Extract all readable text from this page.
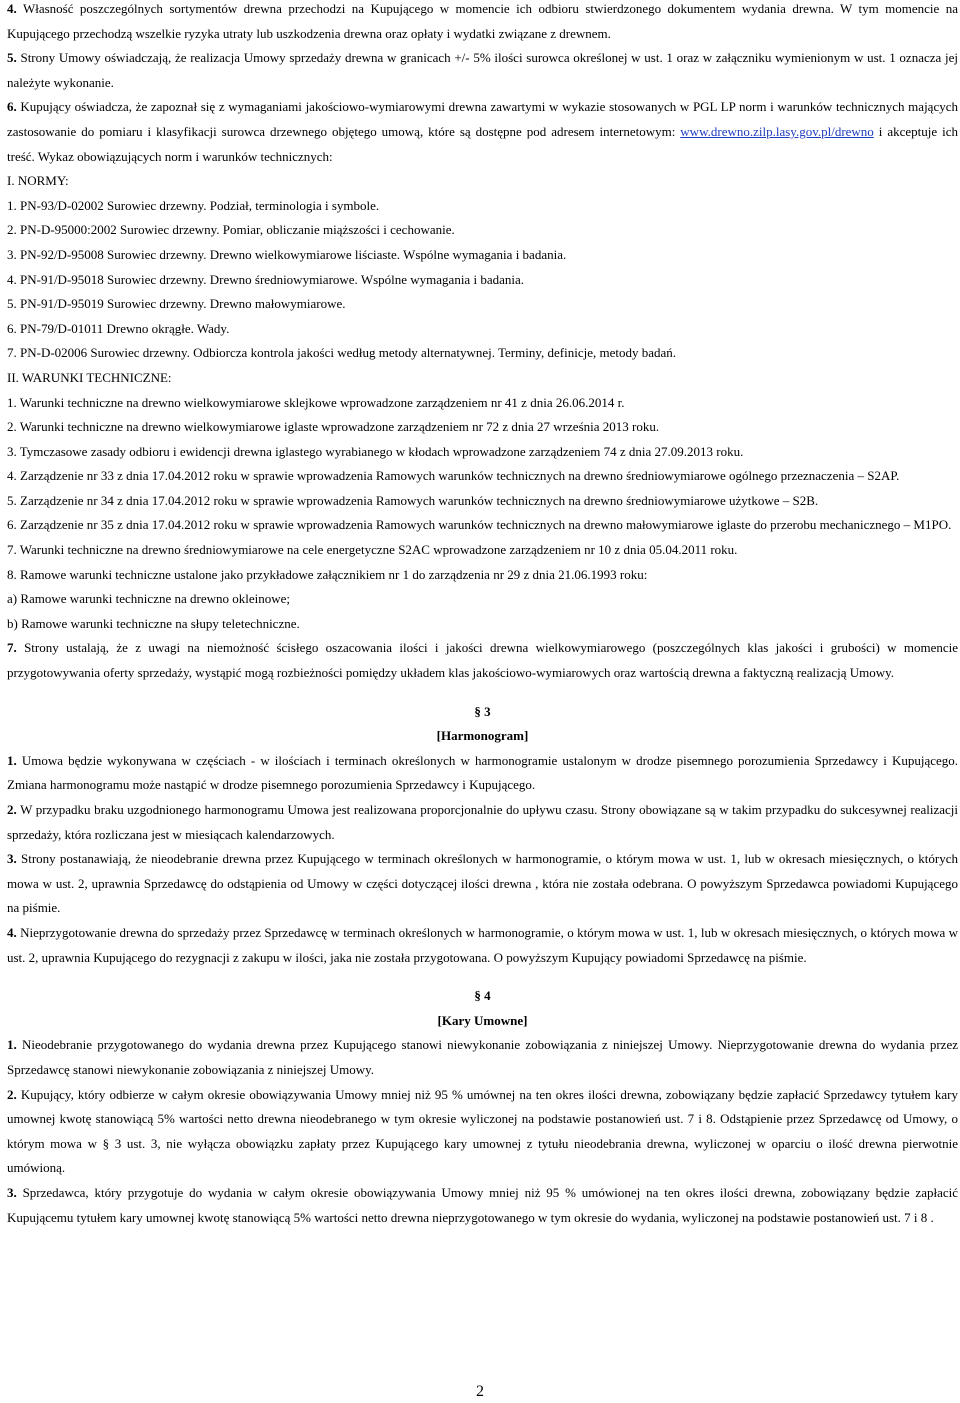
4. Własność poszczególnych sortymentów drewna przechodzi na Kupującego w momencie ich odbioru stwierdzonego dokumentem wydania drewna. W tym momencie na Kupującego przechodzą wszelkie ryzyka utraty lub uszkodzenia drewna oraz opłaty i wydatki związane z drewnem.

5. Strony Umowy oświadczają, że realizacja Umowy sprzedaży drewna w granicach +/- 5% ilości surowca określonej w ust. 1 oraz w załączniku wymienionym w ust. 1 oznacza jej należyte wykonanie.

6. Kupujący oświadcza, że zapoznał się z wymaganiami jakościowo-wymiarowymi drewna zawartymi w wykazie stosowanych w PGL LP norm i warunków technicznych mających zastosowanie do pomiaru i klasyfikacji surowca drzewnego objętego umową, które są dostępne pod adresem internetowym: www.drewno.zilp.lasy.gov.pl/drewno i akceptuje ich treść. Wykaz obowiązujących norm i warunków technicznych:

I. NORMY:

1. PN-93/D-02002 Surowiec drzewny. Podział, terminologia i symbole.

2. PN-D-95000:2002 Surowiec drzewny. Pomiar, obliczanie miąższości i cechowanie.

3. PN-92/D-95008 Surowiec drzewny. Drewno wielkowymiarowe liściaste. Wspólne wymagania i badania.

4. PN-91/D-95018 Surowiec drzewny. Drewno średniowymiarowe. Wspólne wymagania i badania.

5. PN-91/D-95019 Surowiec drzewny. Drewno małowymiarowe.

6. PN-79/D-01011 Drewno okrągłe. Wady.

7. PN-D-02006 Surowiec drzewny. Odbiorcza kontrola jakości według metody alternatywnej. Terminy, definicje, metody badań.

II. WARUNKI TECHNICZNE:

1. Warunki techniczne na drewno wielkowymiarowe sklejkowe wprowadzone zarządzeniem nr 41 z dnia 26.06.2014 r.

2. Warunki techniczne na drewno wielkowymiarowe iglaste wprowadzone zarządzeniem nr 72 z dnia 27 września 2013 roku.

3. Tymczasowe zasady odbioru i ewidencji drewna iglastego wyrabianego w kłodach wprowadzone zarządzeniem 74 z dnia 27.09.2013 roku.

4. Zarządzenie nr 33 z dnia 17.04.2012 roku w sprawie wprowadzenia Ramowych warunków technicznych na drewno średniowymiarowe ogólnego przeznaczenia – S2AP.

5. Zarządzenie nr 34 z dnia 17.04.2012 roku w sprawie wprowadzenia Ramowych warunków technicznych na drewno średniowymiarowe użytkowe – S2B.

6. Zarządzenie nr 35 z dnia 17.04.2012 roku w sprawie wprowadzenia Ramowych warunków technicznych na drewno małowymiarowe iglaste do przerobu mechanicznego – M1PO.

7. Warunki techniczne na drewno średniowymiarowe na cele energetyczne S2AC wprowadzone zarządzeniem nr 10 z dnia 05.04.2011 roku.

8. Ramowe warunki techniczne ustalone jako przykładowe załącznikiem nr 1 do zarządzenia nr 29 z dnia 21.06.1993 roku:

a) Ramowe warunki techniczne na drewno okleinowe;

b) Ramowe warunki techniczne na słupy teletechniczne.

7. Strony ustalają, że z uwagi na niemożność ścisłego oszacowania ilości i jakości drewna wielkowymiarowego (poszczególnych klas jakości i grubości) w momencie przygotowywania oferty sprzedaży, wystąpić mogą rozbieżności pomiędzy układem klas jakościowo-wymiarowych oraz wartością drewna a faktyczną realizacją Umowy.

§ 3

[Harmonogram]

1. Umowa będzie wykonywana w częściach - w ilościach i terminach określonych w harmonogramie ustalonym w drodze pisemnego porozumienia Sprzedawcy i Kupującego. Zmiana harmonogramu może nastąpić w drodze pisemnego porozumienia Sprzedawcy i Kupującego.

2. W przypadku braku uzgodnionego harmonogramu Umowa jest realizowana proporcjonalnie do upływu czasu. Strony obowiązane są w takim przypadku do sukcesywnej realizacji sprzedaży, która rozliczana jest w miesiącach kalendarzowych.

3. Strony postanawiają, że nieodebranie drewna przez Kupującego w terminach określonych w harmonogramie, o którym mowa w ust. 1, lub w okresach miesięcznych, o których mowa w ust. 2, uprawnia Sprzedawcę do odstąpienia od Umowy w części dotyczącej ilości drewna , która nie została odebrana. O powyższym Sprzedawca powiadomi Kupującego na piśmie.

4. Nieprzygotowanie drewna do sprzedaży przez Sprzedawcę w terminach określonych w harmonogramie, o którym mowa w ust. 1, lub w okresach miesięcznych, o których mowa w ust. 2, uprawnia Kupującego do rezygnacji z zakupu w ilości, jaka nie została przygotowana. O powyższym Kupujący powiadomi Sprzedawcę na piśmie.

§ 4

[Kary Umowne]

1. Nieodebranie przygotowanego do wydania drewna przez Kupującego stanowi niewykonanie zobowiązania z niniejszej Umowy. Nieprzygotowanie drewna do wydania przez Sprzedawcę stanowi niewykonanie zobowiązania z niniejszej Umowy.

2. Kupujący, który odbierze w całym okresie obowiązywania Umowy mniej niż 95 % umównej na ten okres ilości drewna, zobowiązany będzie zapłacić Sprzedawcy tytułem kary umownej kwotę stanowiącą 5% wartości netto drewna nieodebranego w tym okresie wyliczonej na podstawie postanowień ust. 7 i 8. Odstąpienie przez Sprzedawcę od Umowy, o którym mowa w § 3 ust. 3, nie wyłącza obowiązku zapłaty przez Kupującego kary umownej z tytułu nieodebrania drewna, wyliczonej w oparciu o ilość drewna pierwotnie umówioną.

3. Sprzedawca, który przygotuje do wydania w całym okresie obowiązywania Umowy mniej niż 95 % umówionej na ten okres ilości drewna, zobowiązany będzie zapłacić Kupującemu tytułem kary umownej kwotę stanowiącą 5% wartości netto drewna nieprzygotowanego w tym okresie do wydania, wyliczonej na podstawie postanowień ust. 7 i 8 .

2
